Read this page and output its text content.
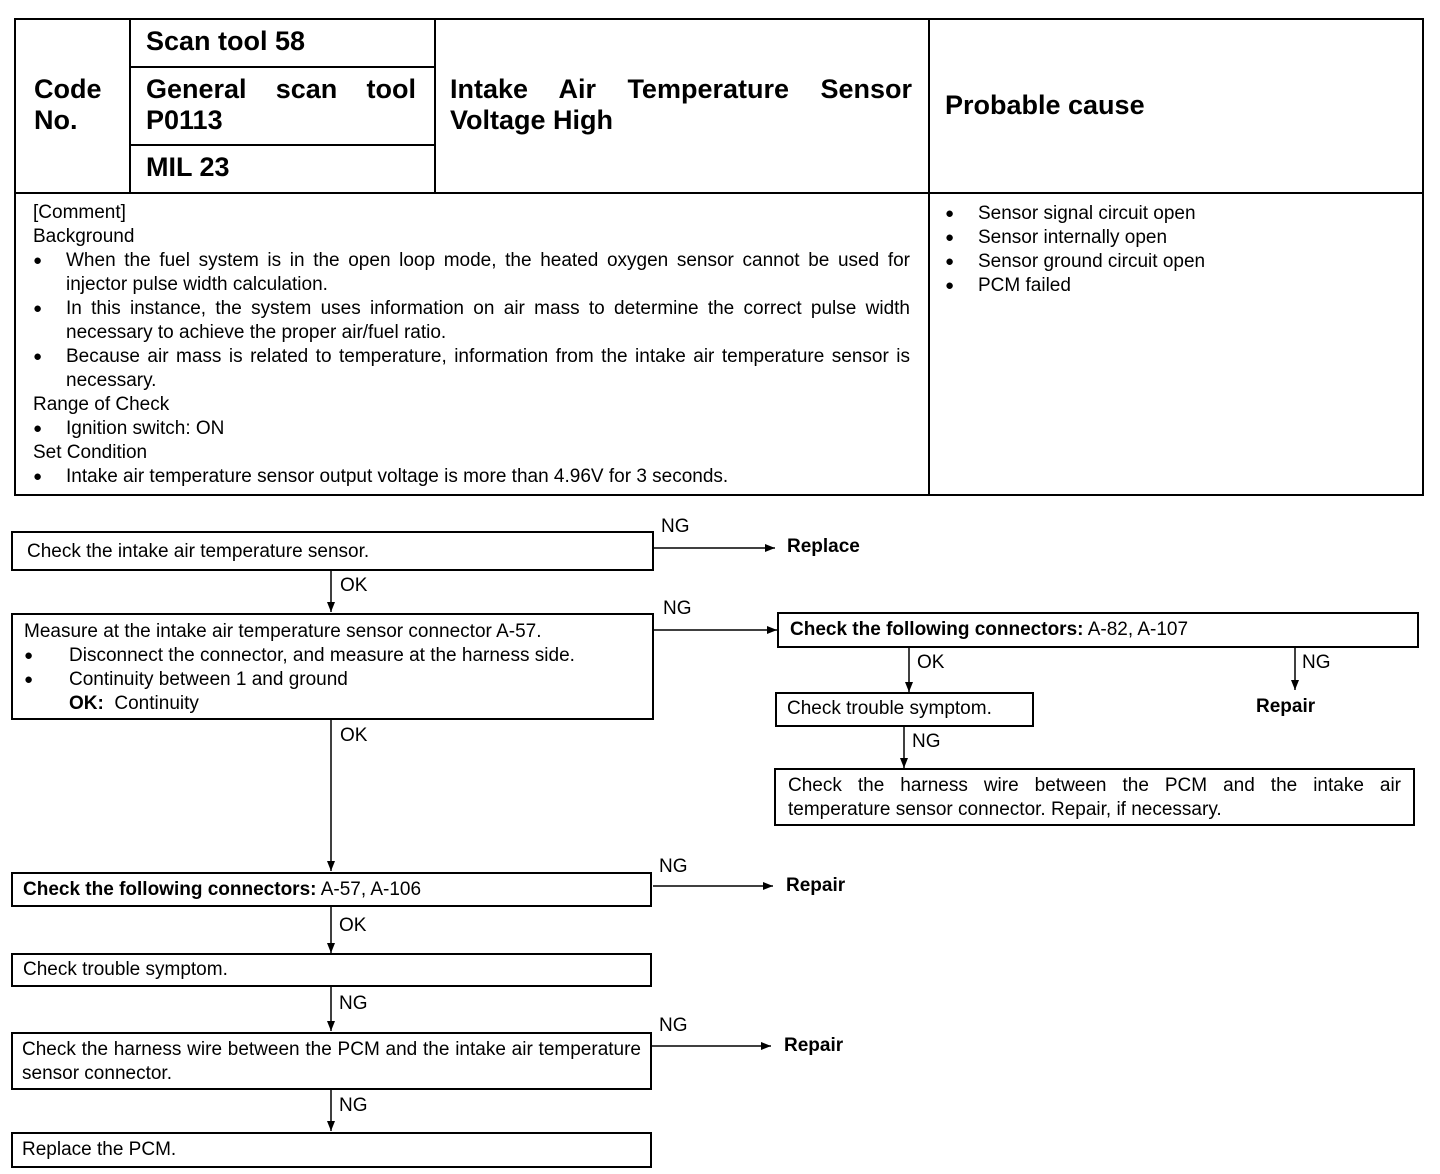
Code No.
Scan tool 58
General scan tool P0113
MIL 23
Intake Air Temperature Sensor Voltage High	Probable cause
[Comment]
Background
● When the fuel system is in the open loop mode, the heated oxygen sensor cannot be used for injector pulse width calculation.
● In this instance, the system uses information on air mass to determine the correct pulse width necessary to achieve the proper air/fuel ratio.
● Because air mass is related to temperature, information from the intake air temperature sensor is necessary.
Range of Check
● Ignition switch: ON
Set Condition
● Intake air temperature sensor output voltage is more than 4.96V for 3 seconds.
● Sensor signal circuit open
● Sensor internally open
● Sensor ground circuit open
● PCM failed
Check the intake air temperature sensor.
Measure at the intake air temperature sensor connector A-57.
● Disconnect the connector, and measure at the harness side.
● Continuity between 1 and ground
OK: Continuity
Check the following connectors: A-82, A-107
Check trouble symptom.
Check the harness wire between the PCM and the intake air temperature sensor connector. Repair, if necessary.
Check the following connectors: A-57, A-106
Check trouble symptom.
Check the harness wire between the PCM and the intake air temperature sensor connector.
Replace the PCM.
NG
Replace
OK
NG
OK	NG
Repair
NG
OK
NG
Repair
OK
NG
NG
Repair
NG
